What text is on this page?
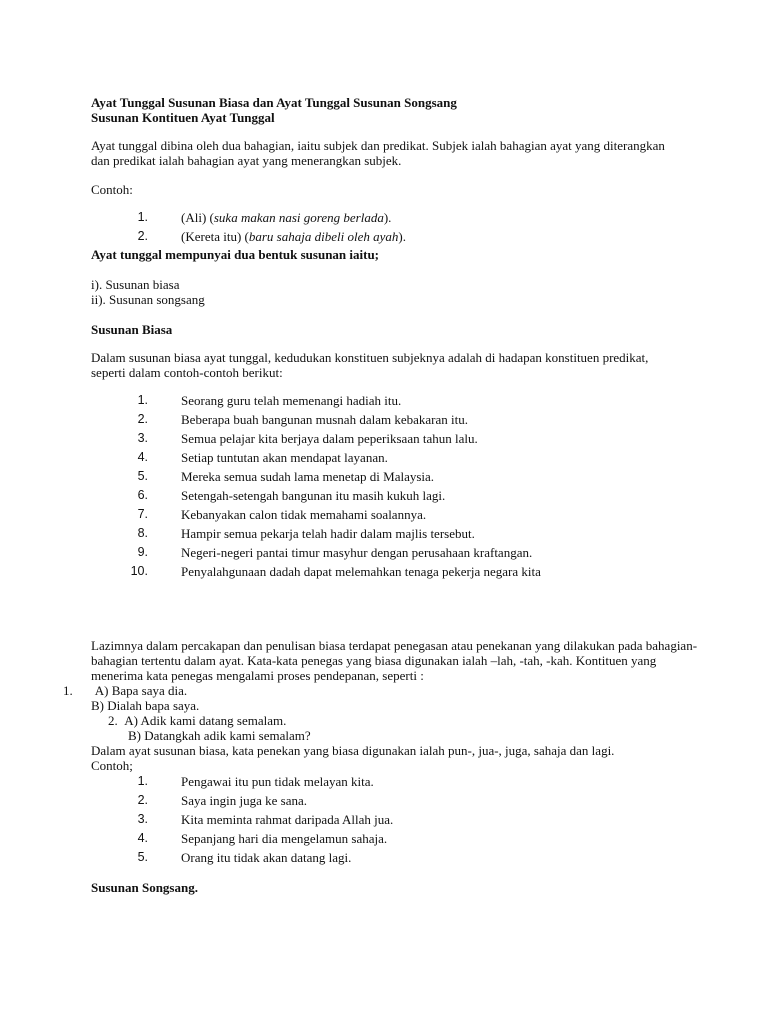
Ayat Tunggal Susunan Biasa dan Ayat Tunggal Susunan Songsang
Susunan Kontituen Ayat Tunggal

Ayat tunggal dibina oleh dua bahagian, iaitu subjek dan predikat. Subjek ialah bahagian ayat yang diterangkan dan predikat ialah bahagian ayat yang menerangkan subjek.

Contoh:

1.	(Ali) (suka makan nasi goreng berlada).
2.	(Kereta itu) (baru sahaja dibeli oleh ayah).

Ayat tunggal mempunyai dua bentuk susunan iaitu;

i). Susunan biasa
ii). Susunan songsang

Susunan Biasa

Dalam susunan biasa ayat tunggal, kedudukan konstituen subjeknya adalah di hadapan konstituen predikat, seperti dalam contoh-contoh berikut:

1.	Seorang guru telah memenangi hadiah itu.
2.	Beberapa buah bangunan musnah dalam kebakaran itu.
3.	Semua pelajar kita berjaya dalam peperiksaan tahun lalu.
4.	Setiap tuntutan akan mendapat layanan.
5.	Mereka semua sudah lama menetap di Malaysia.
6.	Setengah-setengah bangunan itu masih kukuh lagi.
7.	Kebanyakan calon tidak memahami soalannya.
8.	Hampir semua pekarja telah hadir dalam majlis tersebut.
9.	Negeri-negeri pantai timur masyhur dengan perusahaan kraftangan.
10.	Penyalahgunaan dadah dapat melemahkan tenaga pekerja negara kita
Lazimnya dalam percakapan dan penulisan biasa terdapat penegasan atau penekanan yang dilakukan pada bahagian-
bahagian tertentu dalam ayat. Kata-kata penegas yang biasa digunakan ialah –lah, -tah, -kah. Kontituen yang
menerima kata penegas mengalami proses pendepanan, seperti :
1. A) Bapa saya dia.
B) Dialah bapa saya.
2. A) Adik kami datang semalam.
B) Datangkah adik kami semalam?
Dalam ayat susunan biasa, kata penekan yang biasa digunakan ialah pun-, jua-, juga, sahaja dan lagi.
Contoh;
1.	Pengawai itu pun tidak melayan kita.
2.	Saya ingin juga ke sana.
3.	Kita meminta rahmat daripada Allah jua.
4.	Sepanjang hari dia mengelamun sahaja.
5.	Orang itu tidak akan datang lagi.

Susunan Songsang.
